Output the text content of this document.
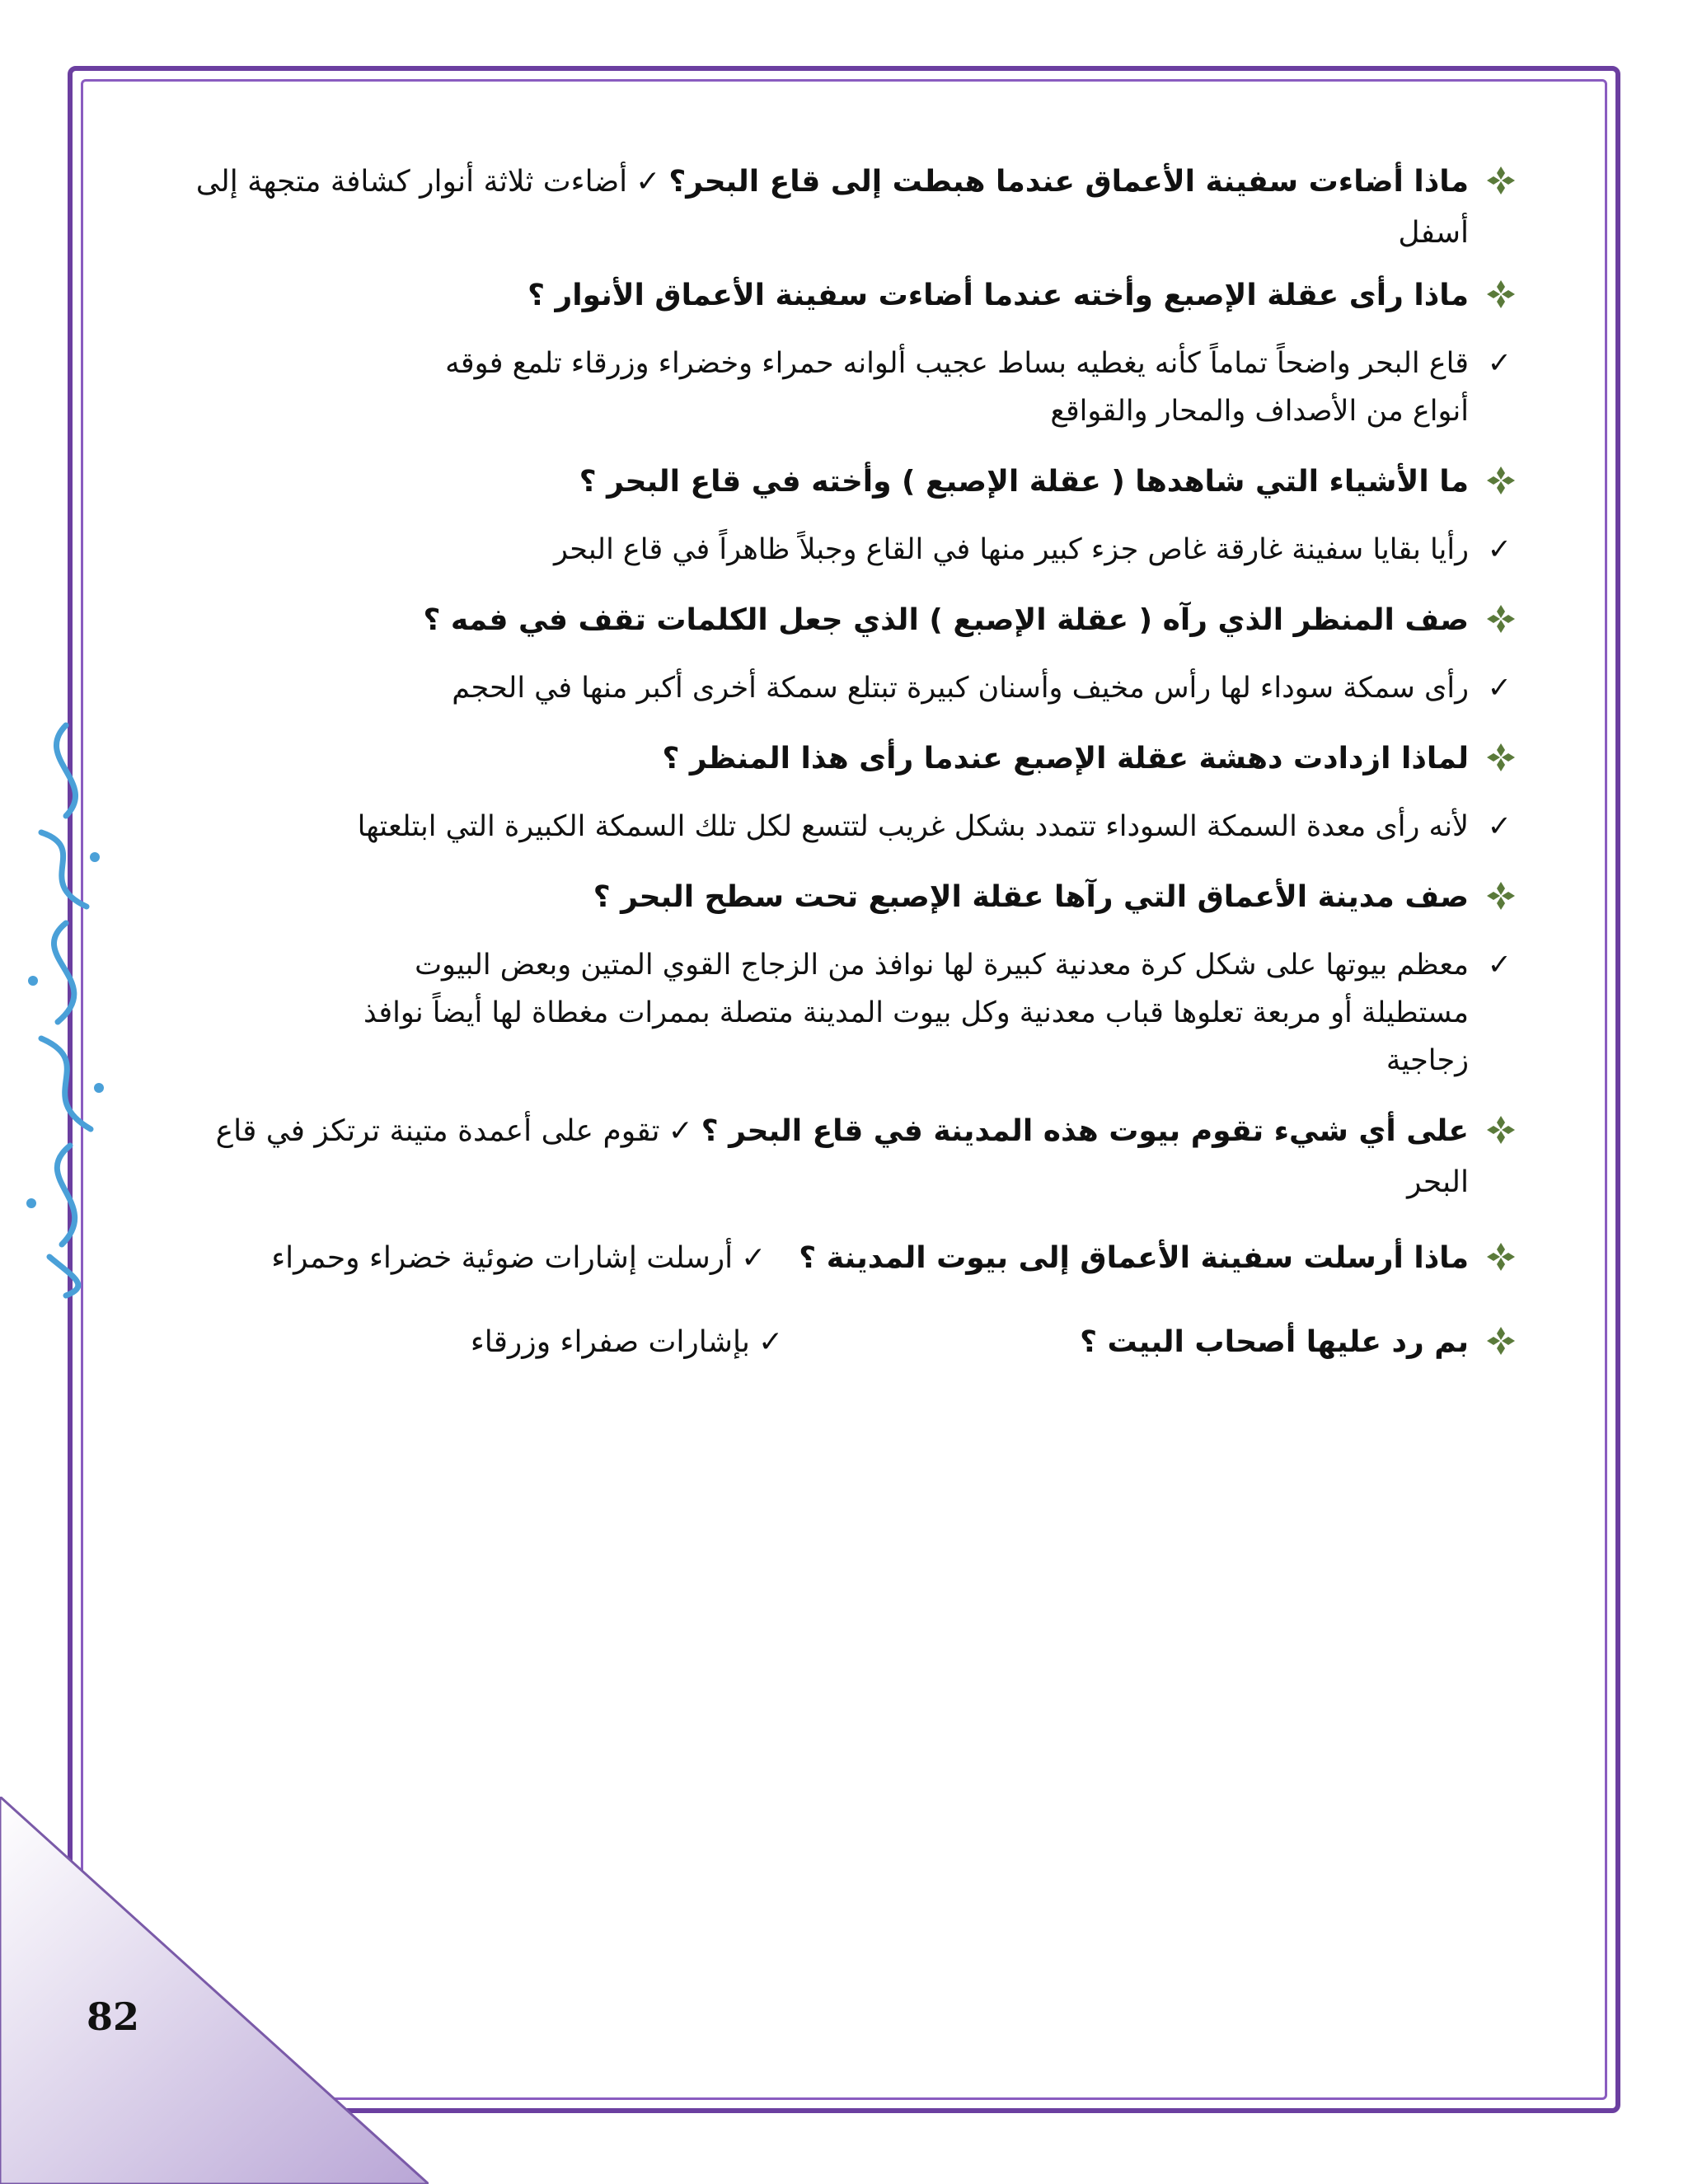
ماذا أضاءت سفينة الأعماق عندما هبطت إلى قاع البحر؟✓أضاءت ثلاثة أنوار كشافة متجهة إلى أسفل
ماذا رأى عقلة الإصبع وأخته عندما أضاءت سفينة الأعماق الأنوار ؟
✓
قاع البحر واضحاً تماماً كأنه يغطيه بساط عجيب ألوانه حمراء وخضراء وزرقاء تلمع فوقه
أنواع من الأصداف والمحار والقواقع
ما الأشياء التي شاهدها ( عقلة الإصبع ) وأخته في قاع البحر ؟
✓
رأيا بقايا سفينة غارقة غاص جزء كبير منها في القاع وجبلاً ظاهراً في قاع البحر
صف المنظر الذي رآه ( عقلة الإصبع ) الذي جعل الكلمات تقف في فمه ؟
✓
رأى سمكة سوداء لها رأس مخيف وأسنان كبيرة تبتلع سمكة أخرى أكبر منها في الحجم
لماذا ازدادت دهشة عقلة الإصبع عندما رأى هذا المنظر ؟
✓
لأنه رأى معدة السمكة السوداء تتمدد بشكل غريب لتتسع لكل تلك السمكة الكبيرة التي ابتلعتها
صف مدينة الأعماق التي رآها عقلة الإصبع تحت سطح البحر ؟
✓
معظم بيوتها على شكل كرة معدنية كبيرة لها نوافذ من الزجاج القوي المتين وبعض البيوت
مستطيلة أو مربعة تعلوها قباب معدنية وكل بيوت المدينة متصلة بممرات مغطاة لها أيضاً نوافذ
زجاجية
على أي شيء تقوم بيوت هذه المدينة في قاع البحر ؟✓تقوم على أعمدة متينة ترتكز في قاع البحر
ماذا أرسلت سفينة الأعماق إلى بيوت المدينة ؟✓أرسلت إشارات ضوئية خضراء وحمراء
بم رد عليها أصحاب البيت ؟✓بإشارات صفراء وزرقاء
82
